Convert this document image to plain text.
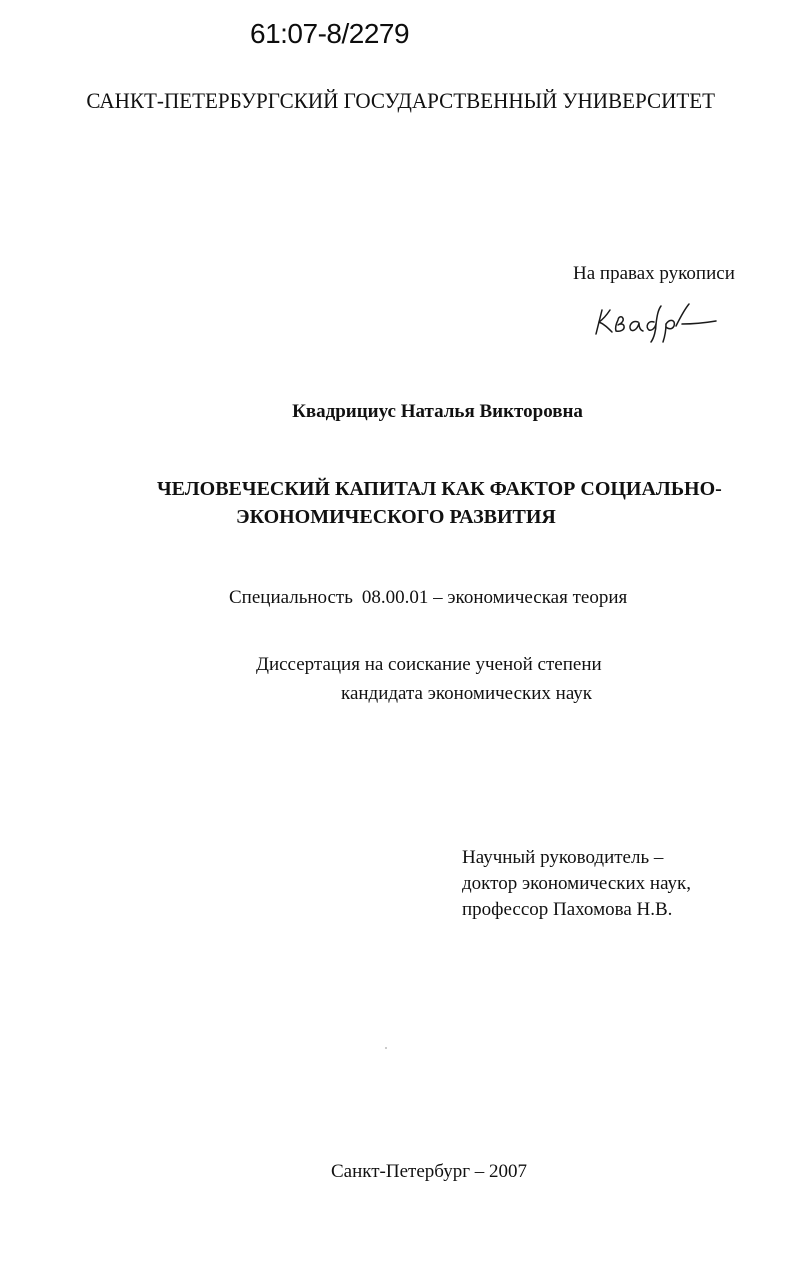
61:07-8/2279
САНКТ-ПЕТЕРБУРГСКИЙ ГОСУДАРСТВЕННЫЙ УНИВЕРСИТЕТ
На правах рукописи
Квадрициус Наталья Викторовна
ЧЕЛОВЕЧЕСКИЙ КАПИТАЛ КАК ФАКТОР СОЦИАЛЬНО-
ЭКОНОМИЧЕСКОГО РАЗВИТИЯ
Специальность 08.00.01 – экономическая теория
Диссертация на соискание ученой степени
кандидата экономических наук
Научный руководитель –
доктор экономических наук,
профессор Пахомова Н.В.
Санкт-Петербург – 2007
